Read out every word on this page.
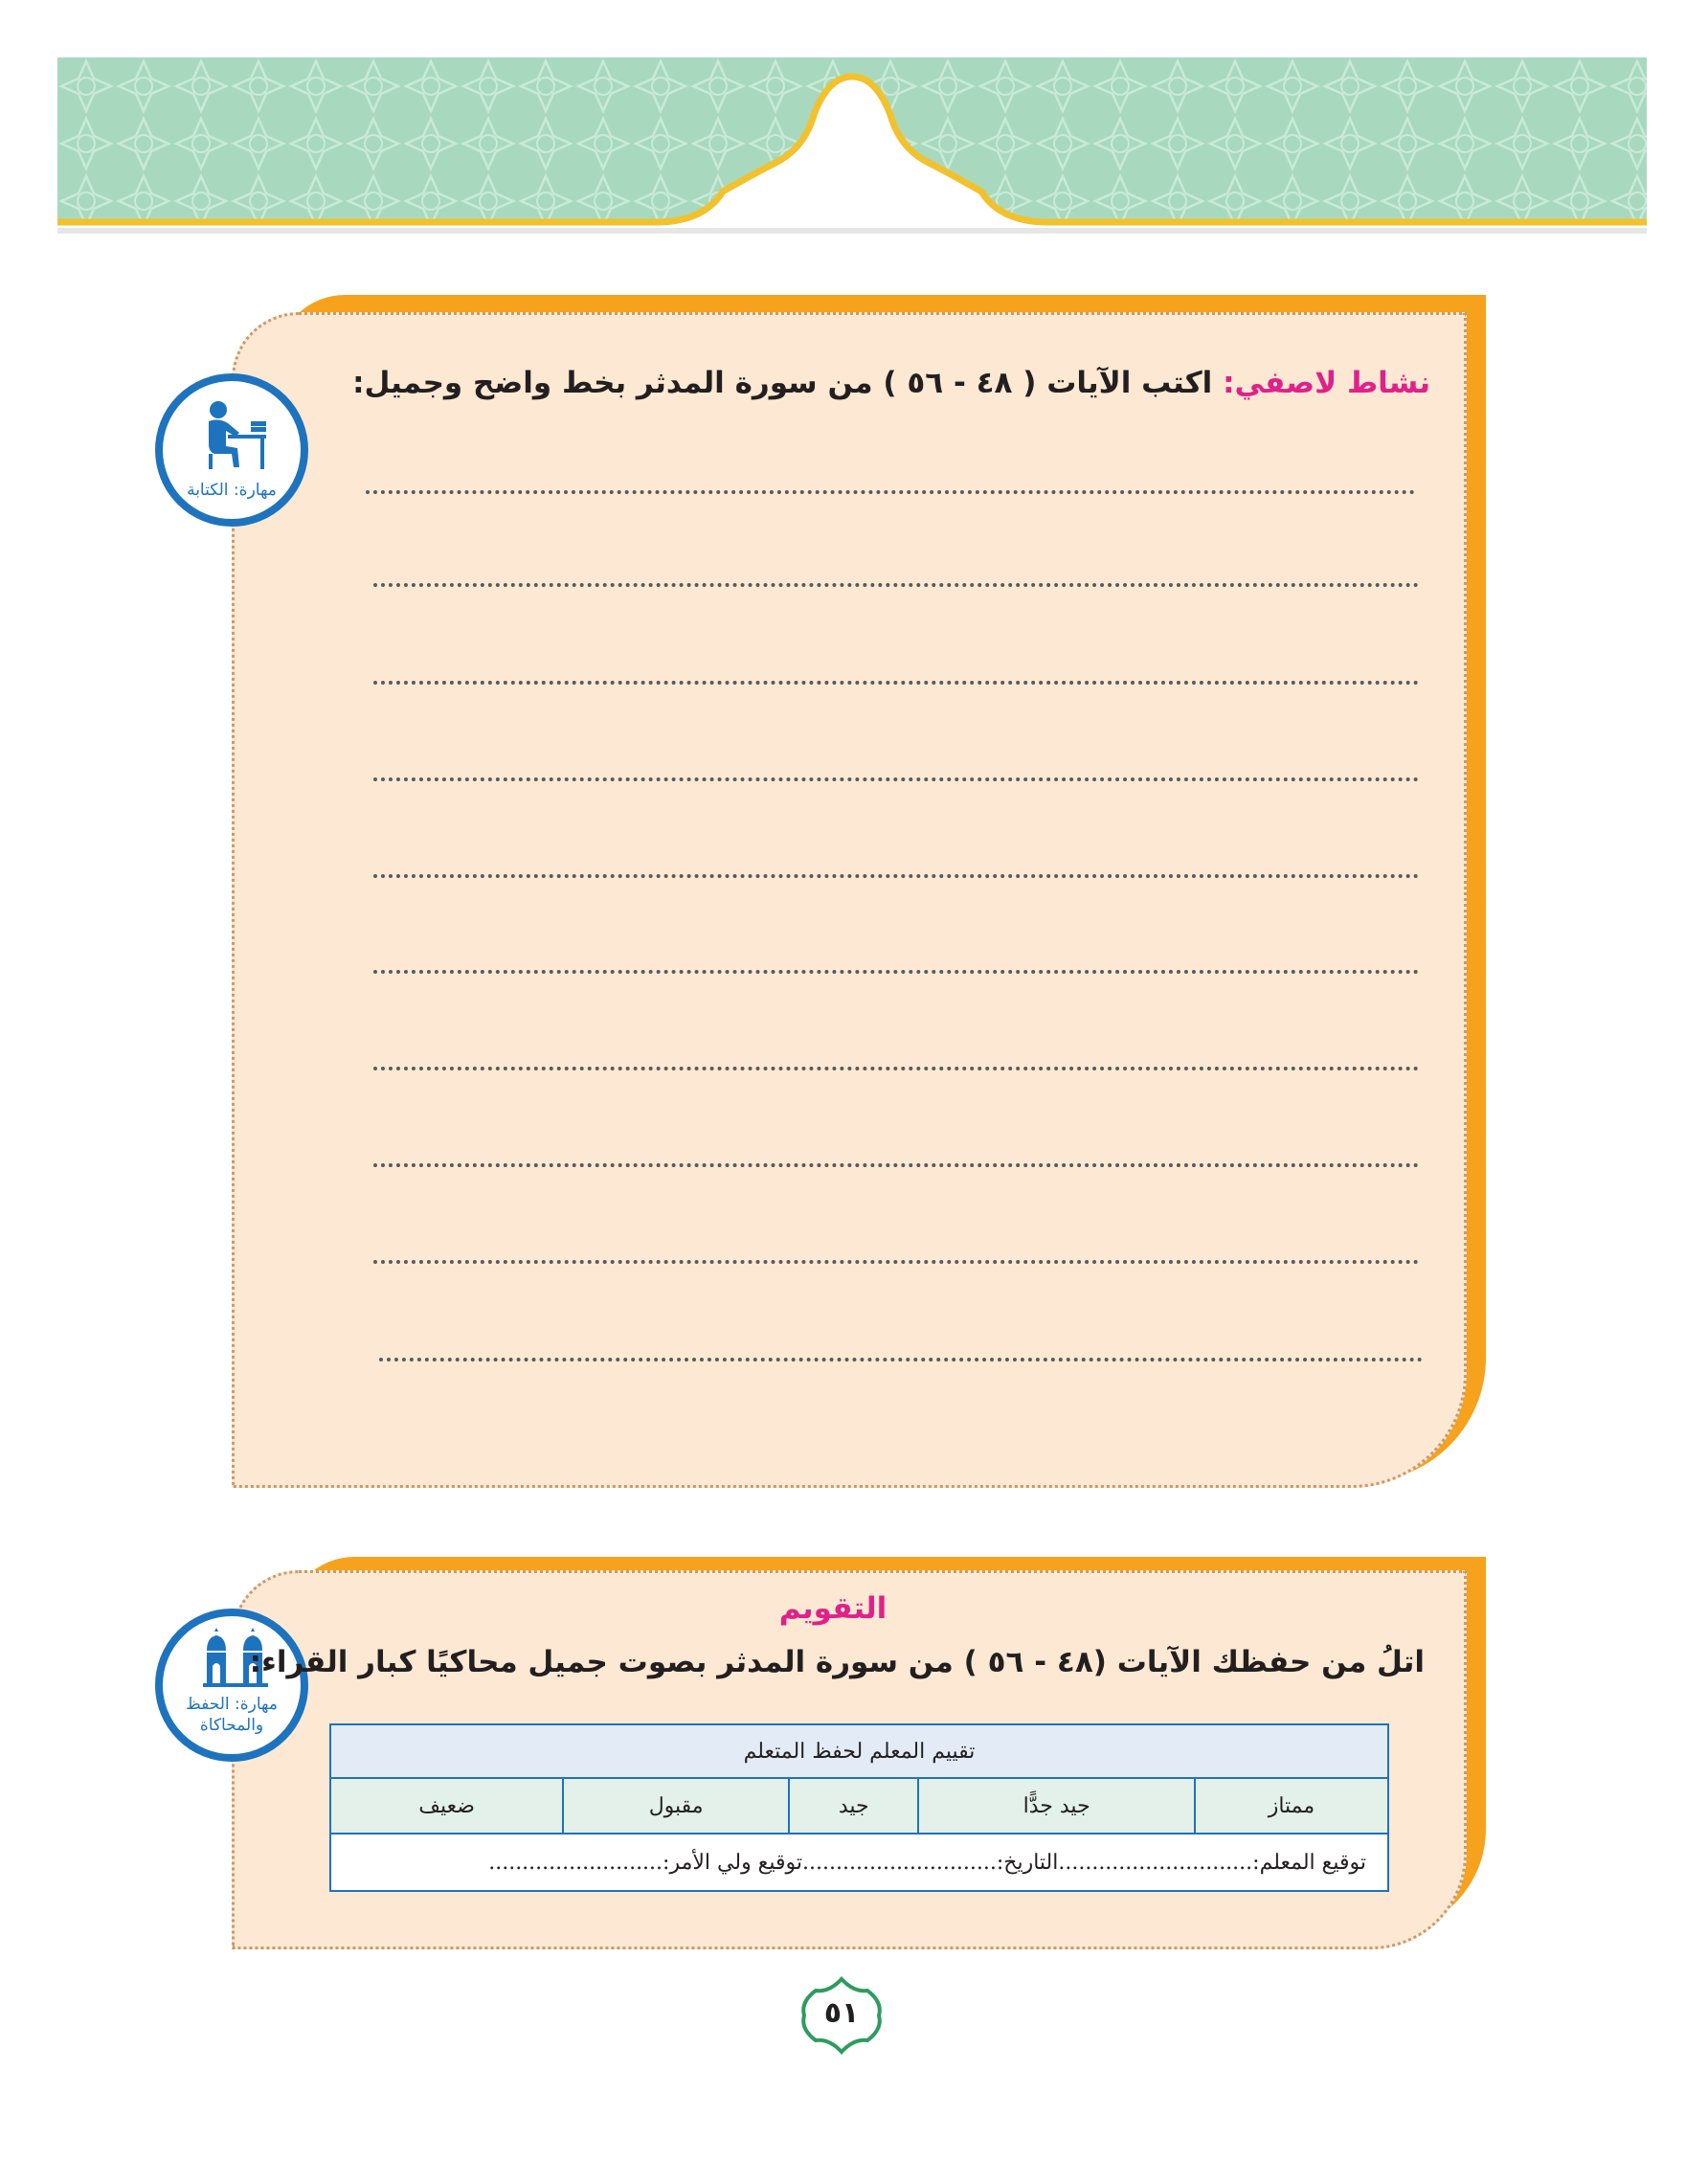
مهارة: الكتابة
نشاط لاصفي: اكتب الآيات ( ٤٨ - ٥٦ ) من سورة المدثر بخط واضح وجميل:
مهارة: الحفظ
والمحاكاة
التقويم
اتلُ من حفظك الآيات (٤٨ - ٥٦ ) من سورة المدثر بصوت جميل محاكيًا كبار القراء:
تقييم المعلم لحفظ المتعلم
ممتاز	جيد جدًّا	جيد	مقبول	ضعيف
توقيع المعلم:.............................التاريخ:.............................توقيع ولي الأمر:..........................
٥١
